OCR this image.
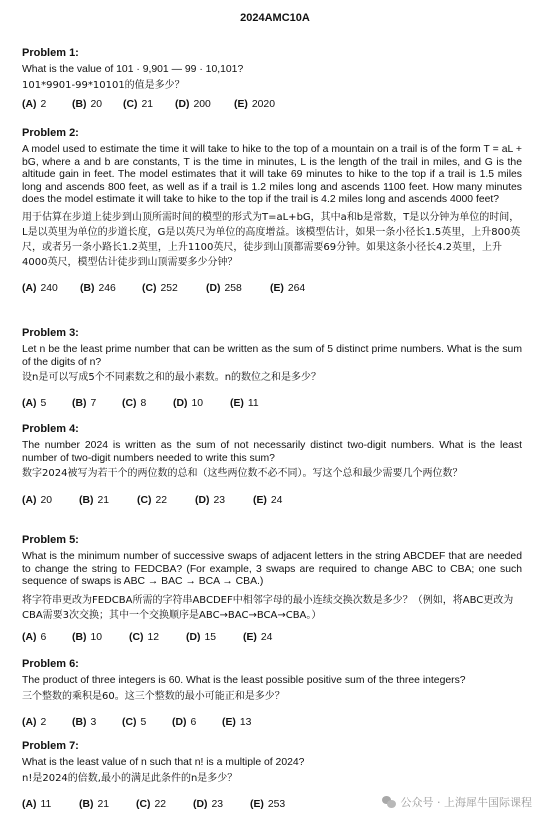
2024AMC10A
Problem 1:
What is the value of 101 · 9,901 — 99 · 10,101?
101*9901-99*10101的值是多少？
(A) 2	(B) 20	(C) 21	(D) 200	(E) 2020
Problem 2:
A model used to estimate the time it will take to hike to the top of a mountain on a trail is of the form T = aL + bG, where a and b are constants, T is the time in minutes, L is the length of the trail in miles, and G is the altitude gain in feet. The model estimates that it will take 69 minutes to hike to the top if a trail is 1.5 miles long and ascends 800 feet, as well as if a trail is 1.2 miles long and ascends 1100 feet. How many minutes does the model estimate it will take to hike to the top if the trail is 4.2 miles long and ascends 4000 feet?
用于估算在步道上徒步到山顶所需时间的模型的形式为T=aL+bG，其中a和b是常数，T是以分钟为单位的时间，L是以英里为单位的步道长度，G是以英尺为单位的高度增益。该模型估计，如果一条小径长1.5英里，上升800英尺，或者另一条小路长1.2英里，上升1100英尺，徒步到山顶都需要69分钟。如果这条小径长4.2英里，上升4000英尺，模型估计徒步到山顶需要多少分钟？
(A) 240	(B) 246	(C) 252	(D) 258	(E) 264
Problem 3:
Let n be the least prime number that can be written as the sum of 5 distinct prime numbers. What is the sum of the digits of n?
设n是可以写成5个不同素数之和的最小素数。n的数位之和是多少？
(A) 5	(B) 7	(C) 8	(D) 10	(E) 11
Problem 4:
The number 2024 is written as the sum of not necessarily distinct two-digit numbers. What is the least number of two-digit numbers needed to write this sum?
数字2024被写为若干个的两位数的总和（这些两位数不必不同）。写这个总和最少需要几个两位数？
(A) 20	(B) 21	(C) 22	(D) 23	(E) 24
Problem 5:
What is the minimum number of successive swaps of adjacent letters in the string ABCDEF that are needed to change the string to FEDCBA? (For example, 3 swaps are required to change ABC to CBA; one such sequence of swaps is ABC → BAC → BCA → CBA.)
将字符串更改为FEDCBA所需的字符串ABCDEF中相邻字母的最小连续交换次数是多少？（例如，将ABC更改为CBA需要3次交换；其中一个交换顺序是ABC→BAC→BCA→CBA。）
(A) 6	(B) 10	(C) 12	(D) 15	(E) 24
Problem 6:
The product of three integers is 60. What is the least possible positive sum of the three integers?
三个整数的乘积是60。这三个整数的最小可能正和是多少？
(A) 2	(B) 3	(C) 5	(D) 6	(E) 13
Problem 7:
What is the least value of n such that n! is a multiple of 2024?
n!是2024的倍数,最小的满足此条件的n是多少？
(A) 11	(B) 21	(C) 22	(D) 23	(E) 253	公众号 · 上海犀牛国际课程
